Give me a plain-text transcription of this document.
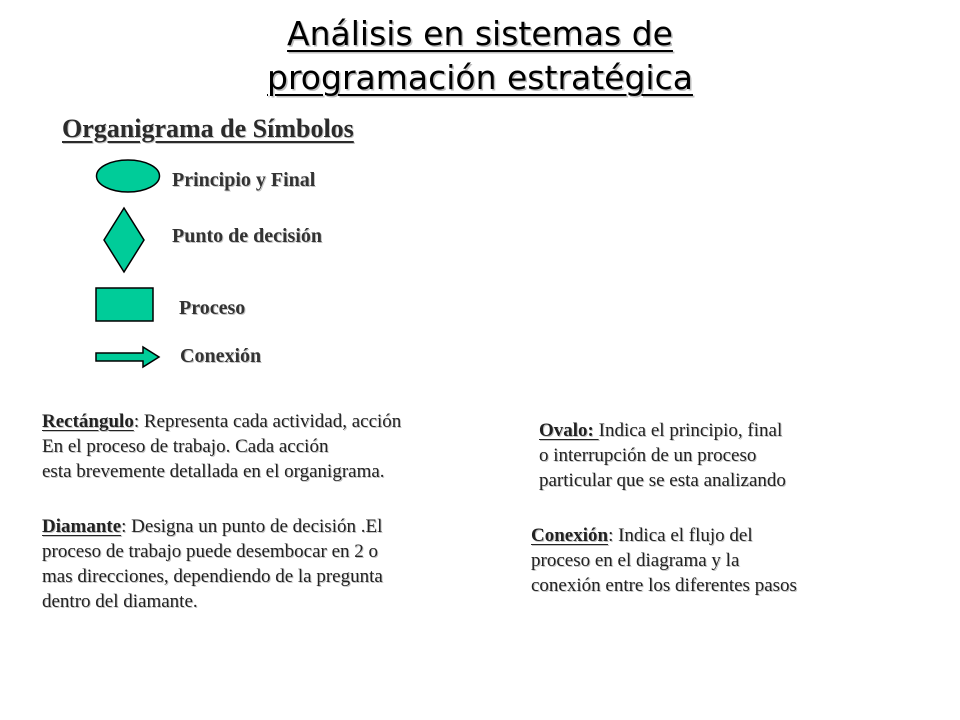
Análisis en sistemas de
programación estratégica
Organigrama de Símbolos
Principio y Final
Punto de decisión
Proceso
Conexión
Rectángulo: Representa cada actividad, acción
En el proceso de trabajo. Cada acción
esta brevemente detallada en el organigrama.
Diamante: Designa un punto de decisión .El
proceso de trabajo puede desembocar en 2 o
mas direcciones, dependiendo de la pregunta
dentro del diamante.
Ovalo: Indica el principio, final
o interrupción de un proceso
particular que se esta analizando
Conexión: Indica el flujo del
proceso en el diagrama y la
conexión entre los diferentes pasos
